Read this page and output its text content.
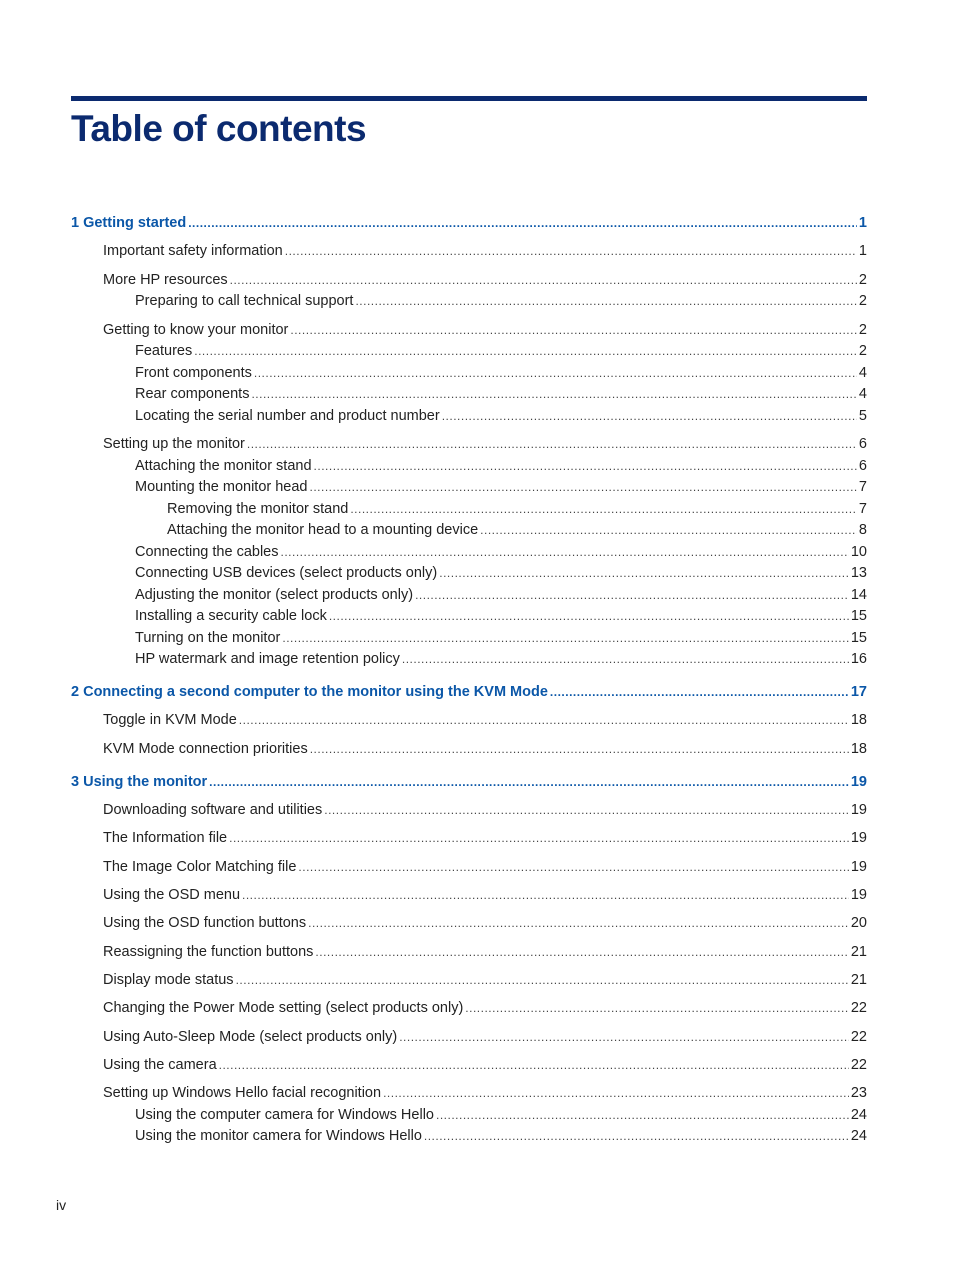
Table of contents
1 Getting started .....	1
Important safety information .....	1
More HP resources .....	2
Preparing to call technical support .....	2
Getting to know your monitor .....	2
Features .....	2
Front components .....	4
Rear components .....	4
Locating the serial number and product number .....	5
Setting up the monitor .....	6
Attaching the monitor stand .....	6
Mounting the monitor head .....	7
Removing the monitor stand .....	7
Attaching the monitor head to a mounting device .....	8
Connecting the cables .....	10
Connecting USB devices (select products only) .....	13
Adjusting the monitor (select products only) .....	14
Installing a security cable lock .....	15
Turning on the monitor .....	15
HP watermark and image retention policy .....	16
2 Connecting a second computer to the monitor using the KVM Mode .....	17
Toggle in KVM Mode .....	18
KVM Mode connection priorities .....	18
3 Using the monitor .....	19
Downloading software and utilities .....	19
The Information file .....	19
The Image Color Matching file .....	19
Using the OSD menu .....	19
Using the OSD function buttons .....	20
Reassigning the function buttons .....	21
Display mode status .....	21
Changing the Power Mode setting (select products only) .....	22
Using Auto-Sleep Mode (select products only) .....	22
Using the camera .....	22
Setting up Windows Hello facial recognition .....	23
Using the computer camera for Windows Hello .....	24
Using the monitor camera for Windows Hello .....	24
iv
